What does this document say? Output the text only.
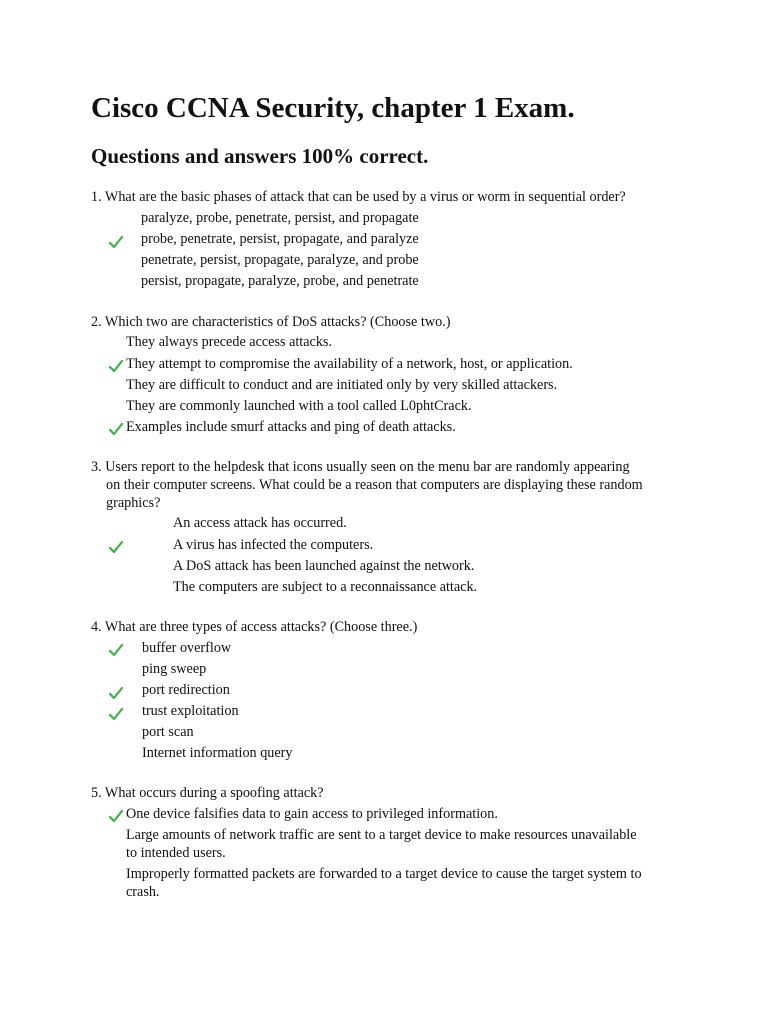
Cisco CCNA Security, chapter 1 Exam.
Questions and answers 100% correct.
1. What are the basic phases of attack that can be used by a virus or worm in sequential order?
paralyze, probe, penetrate, persist, and propagate
probe, penetrate, persist, propagate, and paralyze
penetrate, persist, propagate, paralyze, and probe
persist, propagate, paralyze, probe, and penetrate
2. Which two are characteristics of DoS attacks? (Choose two.)
They always precede access attacks.
They attempt to compromise the availability of a network, host, or application.
They are difficult to conduct and are initiated only by very skilled attackers.
They are commonly launched with a tool called L0phtCrack.
Examples include smurf attacks and ping of death attacks.
3. Users report to the helpdesk that icons usually seen on the menu bar are randomly appearing
on their computer screens. What could be a reason that computers are displaying these random
graphics?
An access attack has occurred.
A virus has infected the computers.
A DoS attack has been launched against the network.
The computers are subject to a reconnaissance attack.
4. What are three types of access attacks? (Choose three.)
buffer overflow
ping sweep
port redirection
trust exploitation
port scan
Internet information query
5. What occurs during a spoofing attack?
One device falsifies data to gain access to privileged information.
Large amounts of network traffic are sent to a target device to make resources unavailable
to intended users.
Improperly formatted packets are forwarded to a target device to cause the target system to
crash.
